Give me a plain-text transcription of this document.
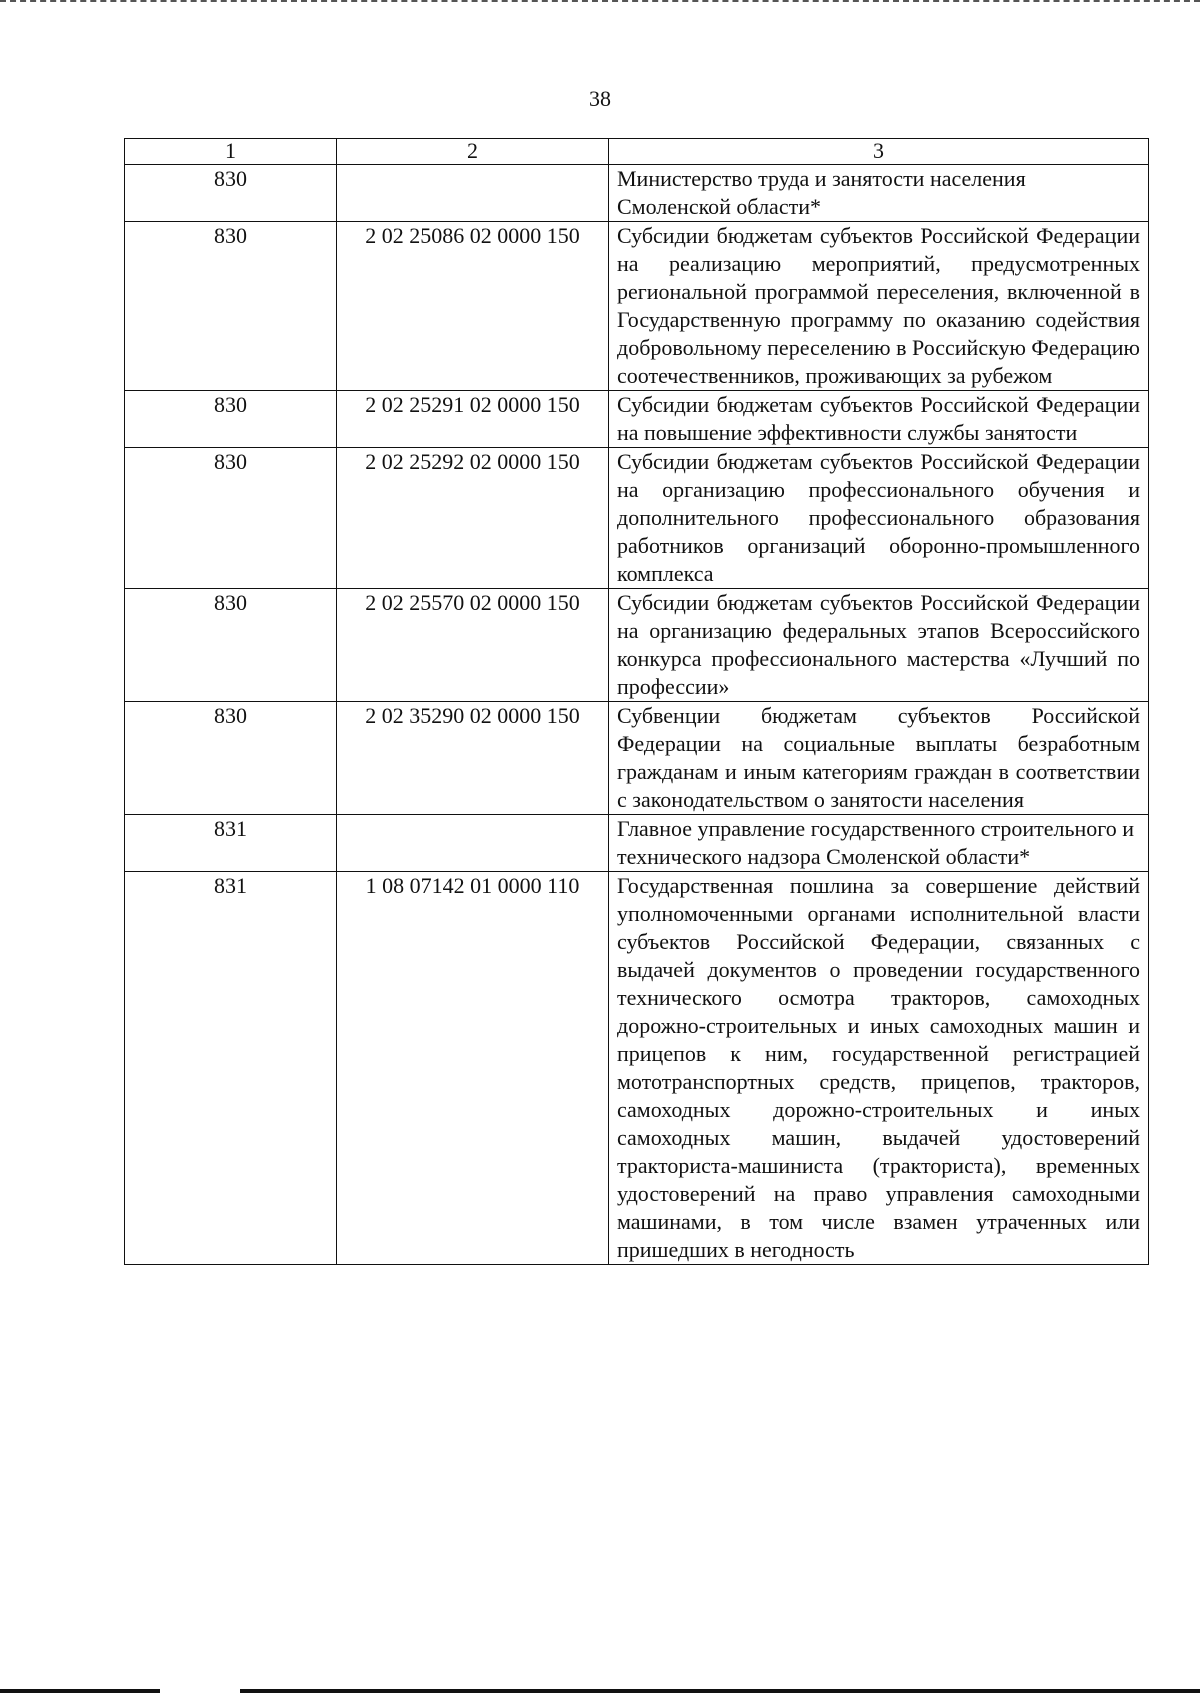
38
1	2	3
830		Министерство труда и занятости населения Смоленской области*
830	2 02 25086 02 0000 150	Субсидии бюджетам субъектов Российской Федерации на реализацию мероприятий, предусмотренных региональной программой переселения, включенной в Государственную программу по оказанию содействия добровольному переселению в Российскую Федерацию соотечественников, проживающих за рубежом
830	2 02 25291 02 0000 150	Субсидии бюджетам субъектов Российской Федерации на повышение эффективности службы занятости
830	2 02 25292 02 0000 150	Субсидии бюджетам субъектов Российской Федерации на организацию профессионального обучения и дополнительного профессионального образования работников организаций оборонно-промышленного комплекса
830	2 02 25570 02 0000 150	Субсидии бюджетам субъектов Российской Федерации на организацию федеральных этапов Всероссийского конкурса профессионального мастерства «Лучший по профессии»
830	2 02 35290 02 0000 150	Субвенции бюджетам субъектов Российской Федерации на социальные выплаты безработным гражданам и иным категориям граждан в соответствии с законодательством о занятости населения
831		Главное управление государственного строительного и технического надзора Смоленской области*
831	1 08 07142 01 0000 110	Государственная пошлина за совершение действий уполномоченными органами исполнительной власти субъектов Российской Федерации, связанных с выдачей документов о проведении государственного технического осмотра тракторов, самоходных дорожно-строительных и иных самоходных машин и прицепов к ним, государственной регистрацией мототранспортных средств, прицепов, тракторов, самоходных дорожно-строительных и иных самоходных машин, выдачей удостоверений тракториста-машиниста (тракториста), временных удостоверений на право управления самоходными машинами, в том числе взамен утраченных или пришедших в негодность
